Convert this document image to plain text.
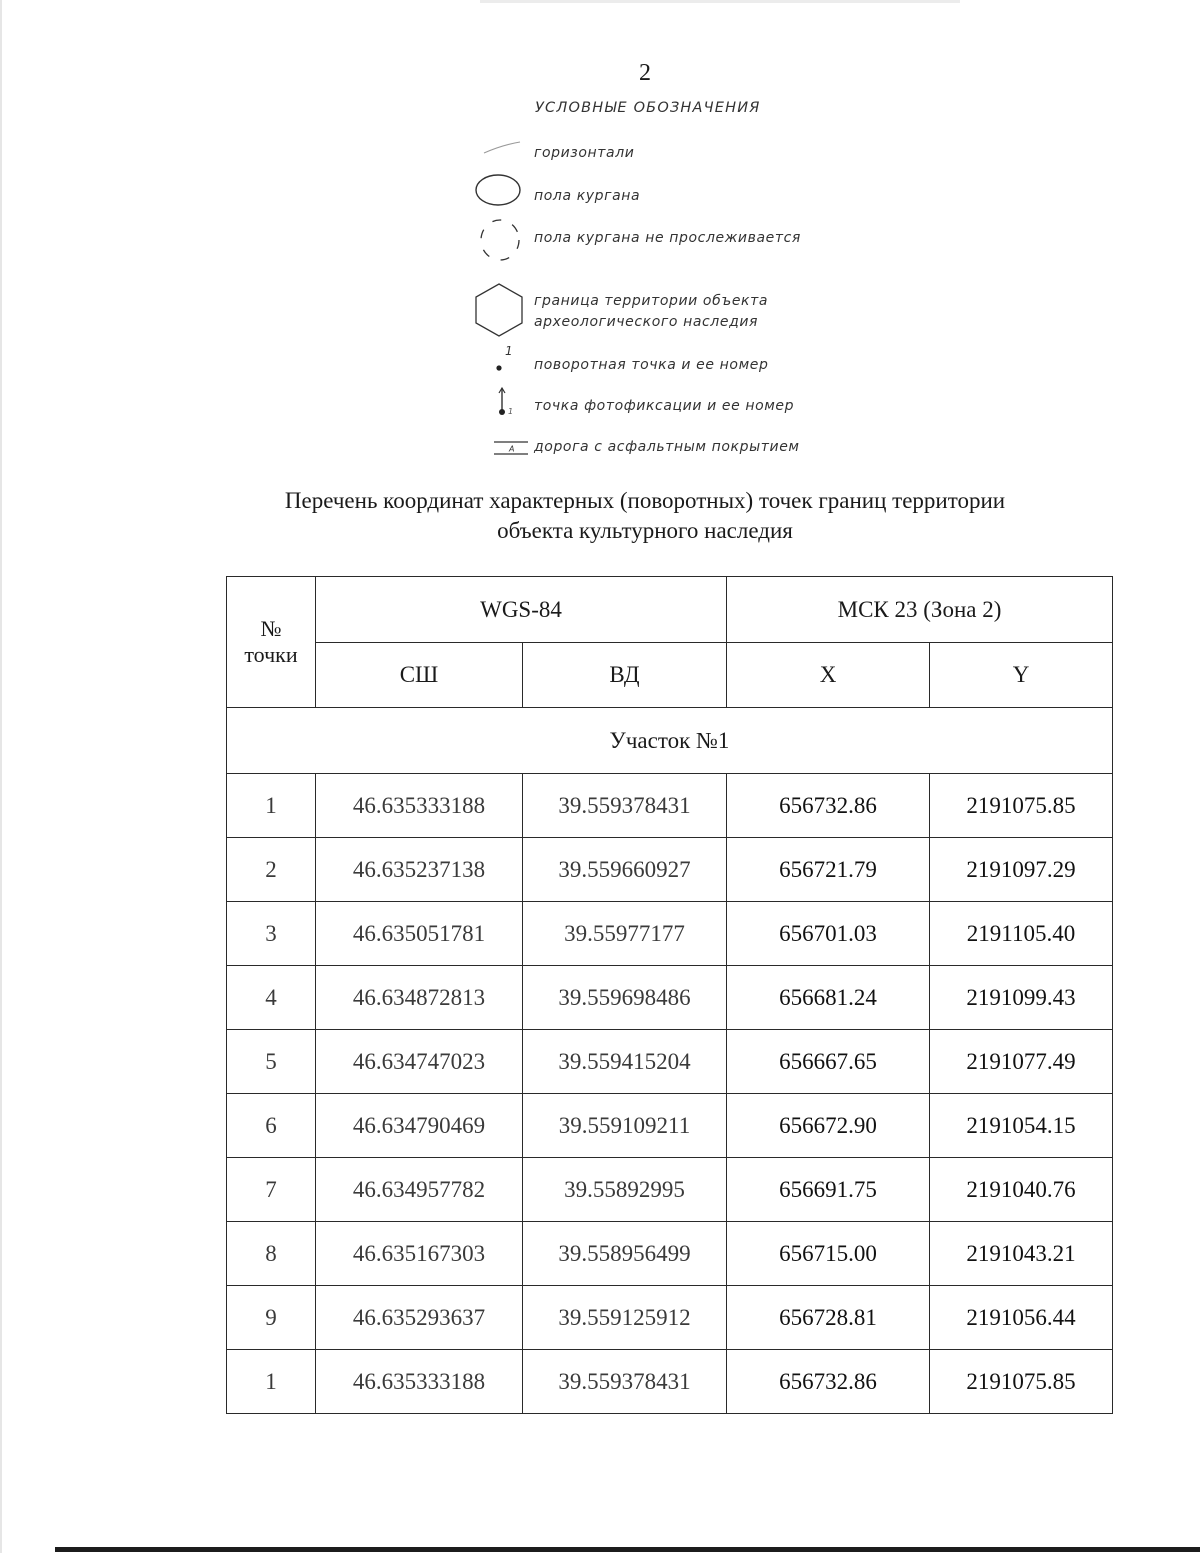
2
УСЛОВНЫЕ ОБОЗНАЧЕНИЯ
горизонтали
пола кургана
пола кургана не прослеживается
граница территории объекта
археологического наследия
1
поворотная точка и ее номер
1 точка фотофиксации и ее номер
А дорога с асфальтным покрытием
Перечень координат характерных (поворотных) точек границ территории
объекта культурного наследия
№
точки	WGS-84		МСК 23 (Зона 2)	
	СШ	ВД	X	Y
Участок №1				
1	46.635333188	39.559378431	656732.86	2191075.85
2	46.635237138	39.559660927	656721.79	2191097.29
3	46.635051781	39.55977177	656701.03	2191105.40
4	46.634872813	39.559698486	656681.24	2191099.43
5	46.634747023	39.559415204	656667.65	2191077.49
6	46.634790469	39.559109211	656672.90	2191054.15
7	46.634957782	39.55892995	656691.75	2191040.76
8	46.635167303	39.558956499	656715.00	2191043.21
9	46.635293637	39.559125912	656728.81	2191056.44
1	46.635333188	39.559378431	656732.86	2191075.85
